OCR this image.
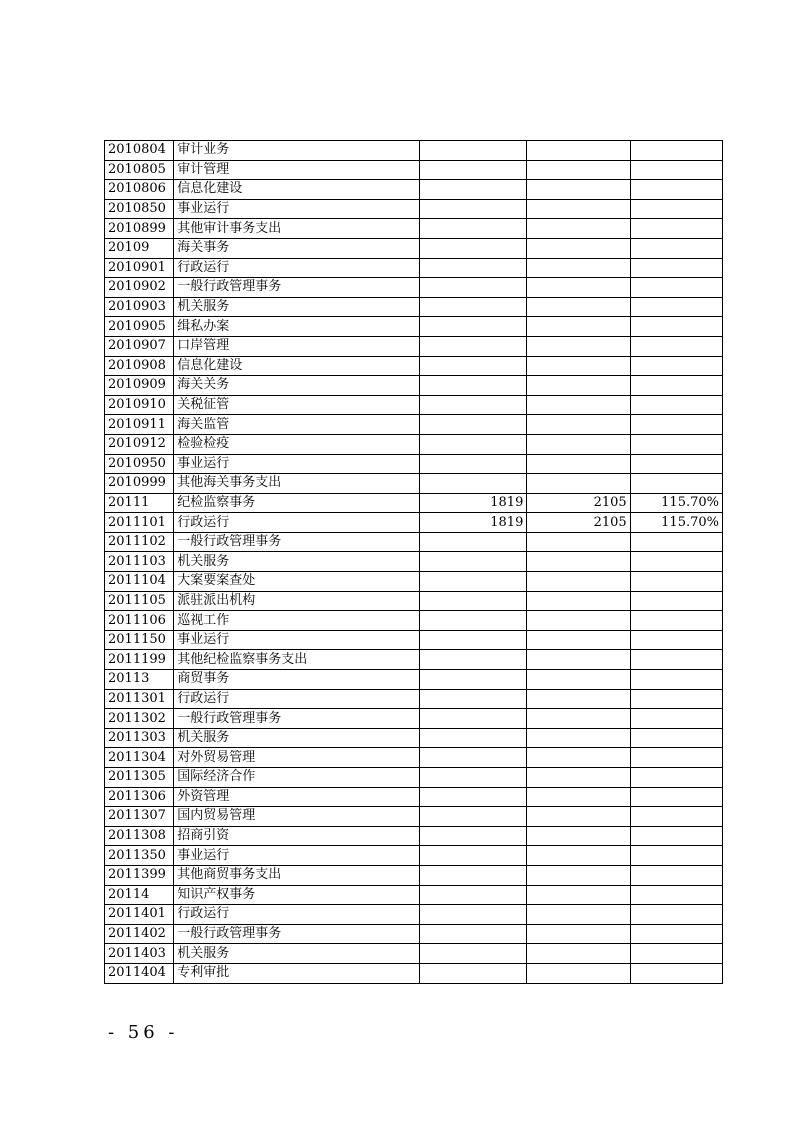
2010804	审计业务			
2010805	审计管理			
2010806	信息化建设			
2010850	事业运行			
2010899	其他审计事务支出			
20109	海关事务			
2010901	行政运行			
2010902	一般行政管理事务			
2010903	机关服务			
2010905	缉私办案			
2010907	口岸管理			
2010908	信息化建设			
2010909	海关关务			
2010910	关税征管			
2010911	海关监管			
2010912	检验检疫			
2010950	事业运行			
2010999	其他海关事务支出			
20111	纪检监察事务	1819	2105	115.70%
2011101	行政运行	1819	2105	115.70%
2011102	一般行政管理事务			
2011103	机关服务			
2011104	大案要案查处			
2011105	派驻派出机构			
2011106	巡视工作			
2011150	事业运行			
2011199	其他纪检监察事务支出			
20113	商贸事务			
2011301	行政运行			
2011302	一般行政管理事务			
2011303	机关服务			
2011304	对外贸易管理			
2011305	国际经济合作			
2011306	外资管理			
2011307	国内贸易管理			
2011308	招商引资			
2011350	事业运行			
2011399	其他商贸事务支出			
20114	知识产权事务			
2011401	行政运行			
2011402	一般行政管理事务			
2011403	机关服务			
2011404	专利审批			
- 56 -
